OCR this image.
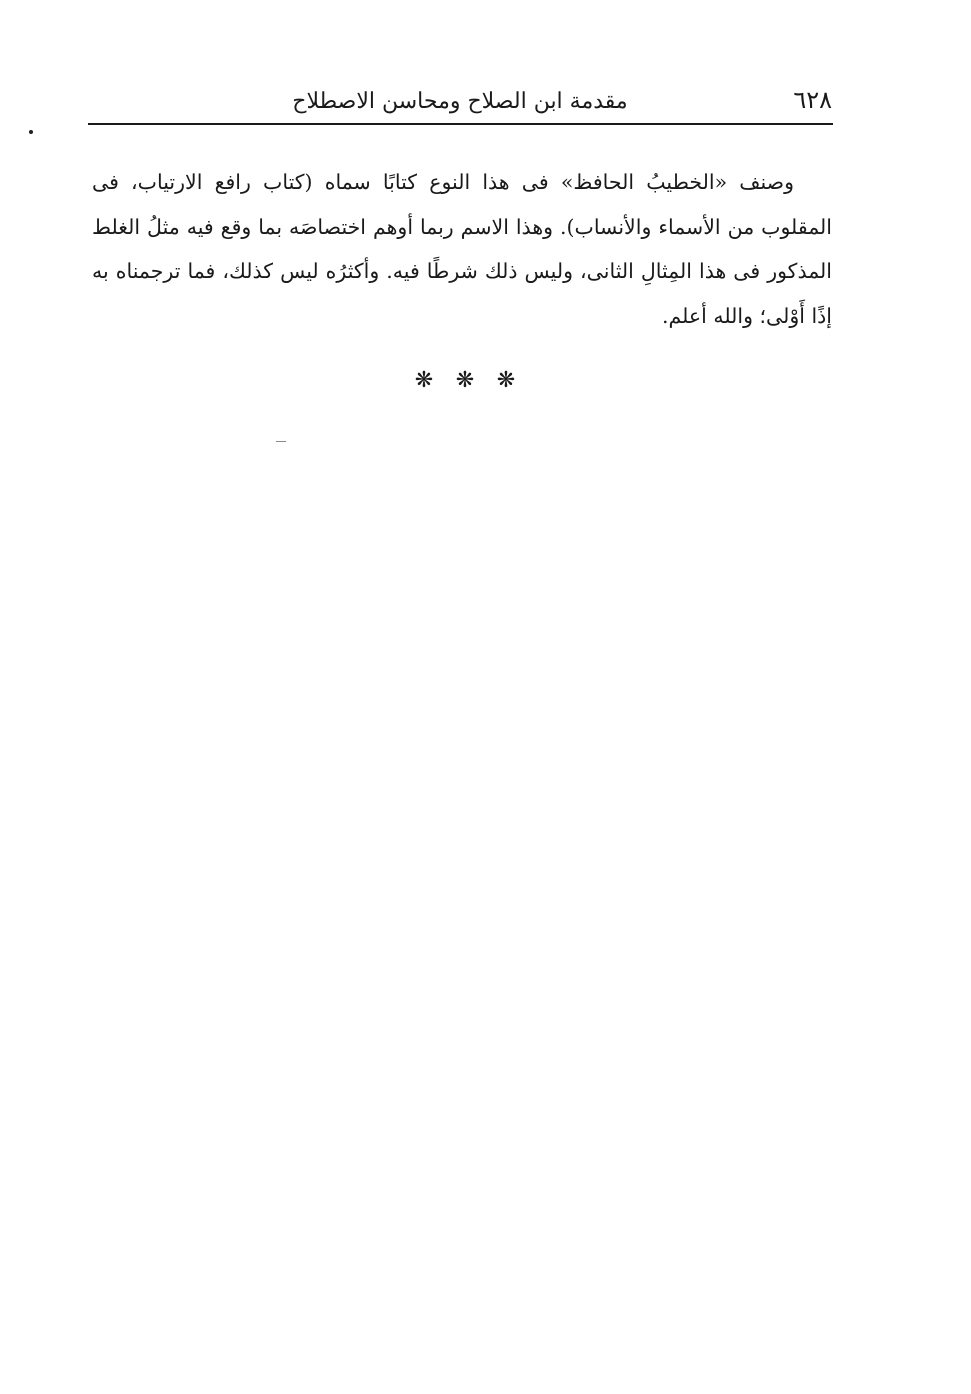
٦٢٨
مقدمة ابن الصلاح ومحاسن الاصطلاح

وصنف «الخطيبُ الحافظ» فى هذا النوع كتابًا سماه (كتاب رافع الارتياب، فى المقلوب من الأسماء والأنساب). وهذا الاسم ربما أوهم اختصاصَه بما وقع فيه مثلُ الغلط المذكور فى هذا المِثالِ الثانى، وليس ذلك شرطًا فيه. وأكثرُه ليس كذلك، فما ترجمناه به إذًا أَوْلى؛ والله أعلم.

❋ ❋ ❋
